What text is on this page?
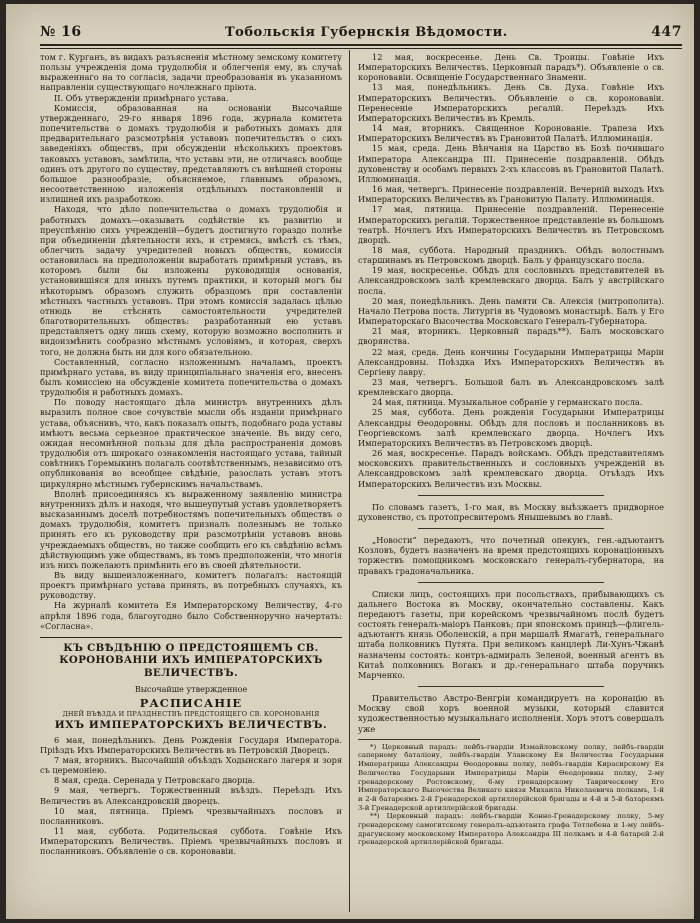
№ 16	Тобольскія Губернскія Вѣдомости.	447

том г. Курганъ, въ видахъ разъясненія мѣстному земскому комитету пользы учрежденія дома трудолюбія и облегченія ему, въ случаѣ выраженнаго на то согласія, задачи преобразованія въ указанномъ направленіи существующаго ночлежнаго пріюта.

II. Объ утвержденіи примѣрнаго устава.

Комиссія, образованная на основаніи Высочайше утвержденнаго, 29-го января 1896 года, журнала комитета попечительства о домахъ трудолюбія и работныхъ домахъ для предварительнаго разсмотрѣнія уставовъ попечительствъ о сихъ заведеніяхъ обществъ, при обсужденіи нѣсколькихъ проектовъ таковыхъ уставовъ, замѣтила, что уставы эти, не отличаясь вообще одинъ отъ другого по существу, представляютъ съ внѣшней стороны большое разнообразіе, объясняемое, главнымъ образомъ, несоответственною изложенія отдѣльныхъ постановленій и излишней ихъ разработкою.

Находя, что дѣло попечительства о домахъ трудолюбія и работныхъ домахъ—оказывать содѣйствіе къ развитію и преуспѣянію сихъ учрежденій—будетъ достигнуто гораздо полнѣе при объединеніи дѣятельности ихъ, и стремясь, вмѣстѣ съ тѣмъ, облегчить задачу учредителей новыхъ обществъ, комиссія остановилась на предположеніи выработать примѣрный уставъ, въ которомъ были бы изложены руководящія основанія, установившіяся для иныхъ путемъ практики, и который могъ бы нѣкоторымъ образомъ служить образцомъ при составленіи мѣстныхъ частныхъ уставовъ. При этомъ комиссія задалась цѣлью отнюдь не стѣснять самостоятельности учредителей благотворительныхъ обществъ: разработанный ею уставъ представляетъ одну лишь схему, которую возможно восполнить и видоизмѣнить сообразно мѣстнымъ условіямъ, и которая, сверхъ того, не должна быть ни для кого обязательною.

Составленный, согласно изложеннымъ началамъ, проектъ примѣрнаго устава, въ виду принципіальнаго значенія его, внесенъ былъ комиссіею на обсужденіе комитета попечительства о домахъ трудолюбія и работныхъ домахъ.

По поводу настоящаго дѣла министръ внутреннихъ дѣлъ выразилъ полное свое сочувствіе мысли объ изданіи примѣрнаго устава, объяснивъ, что, какъ показалъ опытъ, подобнаго рода уставы имѣютъ весьма серьезное практическое значеніе. Въ виду сего, ожидая несомнѣнной пользы для дѣла распространенія домовъ трудолюбія отъ широкаго ознакомленія настоящаго устава, тайный совѣтникъ Горемыкинъ полагалъ соотвѣтственнымъ, независимо отъ опубликованія во всеобщее свѣдѣніе, разослать уставъ этотъ циркулярно мѣстнымъ губернскимъ начальствамъ.

Вполнѣ присоединяясь къ выраженному заявленію министра внутреннихъ дѣлъ и находя, что вышеупутый уставъ удовлетворяетъ высказаннымъ доселѣ потребностямъ попечительныхъ обществъ о домахъ трудолюбія, комитетъ призналъ полезнымъ не только принять его къ руководству при разсмотрѣніи уставовъ вновь учреждаемыхъ обществъ, но также сообщить его къ свѣдѣнію всѣмъ дѣйствующимъ уже обществамъ, въ томъ предположеніи, что многія изъ нихъ пожелаютъ примѣнить его въ своей дѣятельности.

Въ виду вышеизложеннаго, комитетъ полагалъ: настоящій проектъ примѣрнаго устава принять, въ потребныхъ случаяхъ, къ руководству.

На журналѣ комитета Ея Императорскому Величеству, 4-го апрѣля 1896 года, благоугодно было Собственноручно начертать: «Согласна».

КЪ СВѢДѢНІЮ О ПРЕДСТОЯЩЕМЪ СВ. КОРОНОВАНІИ ИХЪ ИМПЕРАТОРСКИХЪ ВЕЛИЧЕСТВЪ.

Высочайше утвержденное

РАСПИСАНІЕ

ДНЕЙ ВЪѢЗДА И ПРАЗДНЕСТВЪ ПРЕДСТОЯЩЕГО СВ. КОРОНОВАНІЯ

ИХЪ ИМПЕРАТОРСКИХЪ ВЕЛИЧЕСТВЪ.

6 мая, понедѣльникъ. День Рожденія Государя Императора. Пріѣздъ Ихъ Императорскихъ Величествъ въ Петровскій Дворецъ.

7 мая, вторникъ. Высочайшій объѣздъ Ходынскаго лагеря и зоря съ церемоніею.

8 мая, среда. Серенада у Петровскаго дворца.

9 мая, четвергъ. Торжественный въѣздъ. Переѣздъ Ихъ Величествъ въ Александровскій дворецъ.

10 мая, пятница. Пріемъ чрезвычайныхъ пословъ и посланниковъ.

11 мая, суббота. Родительская суббота. Говѣніе Ихъ Императорскихъ Величествъ. Пріемъ чрезвычайныхъ пословъ и посланниковъ. Объявленіе о св. короновавіи.

12 мая, воскресенье. День Св. Троицы. Говѣніе Ихъ Императорскихъ Величествъ. Церковный парадъ*). Объявленіе о св. короновавіи. Освященіе Государственнаго Знамени.

13 мая, понедѣльникъ. День Св. Духа. Говѣніе Ихъ Императорскихъ Величествъ. Объявленіе о св. короновавіи. Перенесеніе Императорскихъ регалій. Переѣздъ Ихъ Императорскихъ Величествъ въ Кремль.

14 мая, вторникъ. Священное Коронованіе. Трапеза Ихъ Императорскихъ Величествъ въ Грановитой Палатѣ. Иллюминація.

15 мая, среда. День Вѣнчанія на Царство въ Бозѣ почившаго Императора Александра III. Принесеніе поздравленій. Обѣдъ духовенству и особамъ первыхъ 2-хъ классовъ въ Грановитой Палатѣ. Иллюминація.

16 мая, четвергъ. Принесеніе поздравленій. Вечерній выходъ Ихъ Императорскихъ Величествъ въ Грановитую Палату. Иллюминація.

17 мая, пятница. Принесеніе поздравленій. Перенесеніе Императорскихъ регалій. Торжественное представленіе въ большомъ театрѣ. Ночлегъ Ихъ Императорскихъ Величествъ въ Петровскомъ дворцѣ.

18 мая, суббота. Народный праздникъ. Обѣдъ волостнымъ старшинамъ въ Петровскомъ дворцѣ. Балъ у французскаго посла.

19 мая, воскресенье. Обѣдъ для сословныхъ представителей въ Александровскомъ залѣ кремлевскаго дворца. Балъ у австрійскаго посла.

20 мая, понедѣльникъ. День памяти Св. Алексія (митрополита). Начало Петрова поста. Литургія въ Чудовомъ монастырѣ. Балъ у Его Императорскаго Высочества Московскаго Генералъ-Губернатора.

21 мая, вторникъ. Церковный парадъ**). Балъ московскаго дворянства.

22 мая, среда. День кончины Государыни Императрицы Маріи Александровны. Поѣздка Ихъ Императорскихъ Величествъ въ Сергіеву лавру.

23 мая, четвергъ. Большой балъ въ Александровскомъ залѣ кремлевскаго дворца.

24 мая, пятница. Музыкальное собраніе у германскаго посла.

25 мая, суббота. День рожденія Государыни Императрицы Александры Ѳеодоровны. Обѣдъ для пословъ и посланниковъ въ Георгіевскомъ залѣ кремлевскаго дворца. Ночлегъ Ихъ Императорскихъ Величествъ въ Петровскомъ дворцѣ.

26 мая, воскресенье. Парадъ войскамъ. Обѣдъ представителямъ московскихъ правительственныхъ и сословныхъ учрежденій въ Александровскомъ залѣ кремлевскаго дворца. Отъѣздъ Ихъ Императорскихъ Величествъ изъ Москвы.

По словамъ газетъ, 1-го мая, въ Москву выѣзжаетъ придворное духовенство, съ протопресвитеромъ Янышевымъ во главѣ.

„Новости“ передаютъ, что почетный опекунъ, ген.-адъютантъ Козловъ, будетъ назначенъ на время предстоящихъ коронаціонныхъ торжествъ помощникомъ московскаго генералъ-губернатора, на правахъ градоначальника.

Списки лицъ, состоящихъ при посольствахъ, прибывающихъ съ дальнего Востока въ Москву, окончательно составлены. Какъ передаютъ газеты, при корейскомъ чрезвычайномъ послѣ будетъ состоять генералъ-маіоръ Панковъ; при японскомъ принцѣ—флигель-адъютантъ князь Оболенскій, а при маршалѣ Ямагатѣ, генеральнаго штаба полковникъ Путята. При великомъ канцлерѣ Ли-Хунъ-Чжанѣ назначены состоять: контръ-адмиралъ Зеленой, военный агентъ въ Китаѣ полковникъ Вогакъ и др.-генеральнаго штаба поручикъ Марченко.

Правительство Австро-Венгріи командируетъ на коронацію въ Москву свой хоръ военной музыки, который славится художественностью музыкальнаго исполненія. Хоръ этотъ совершалъ уже

*) Церковный парадъ: лейбъ-гвардіи Измайловскому полку, лейбъ-гвардіи саперному баталіону, лейбъ-гвардіи Уланскому Ея Величества Государыни Императрицы Александры Ѳеодоровны полку, лейбъ-гвардіи Кирасирскому Ея Величества Государыни Императрицы Маріи Ѳеодоровны полку, 2-му гренадерскому Ростовскому, 6-му гренадерскому Таврическому Его Императорскаго Высочества Великаго князя Михаила Николаевича полкамъ, 1-й и 2-й батареямъ 2-й Гренадерской артиллерійской бригады и 4-й и 5-й батареямъ 3-й Гренадерской артиллерійской бригады.

**) Церковный парадъ: лейбъ-гвардіи Конно-Гренадерскому полку, 5-му гренадерскому самогитскому генералъ-адъютанта графа Тотлебена и 1-му лейбъ-драгунскому московскому Императора Александра III полкамъ и 4-й батарей 2-й гренадерской артиллерійской бригады.
